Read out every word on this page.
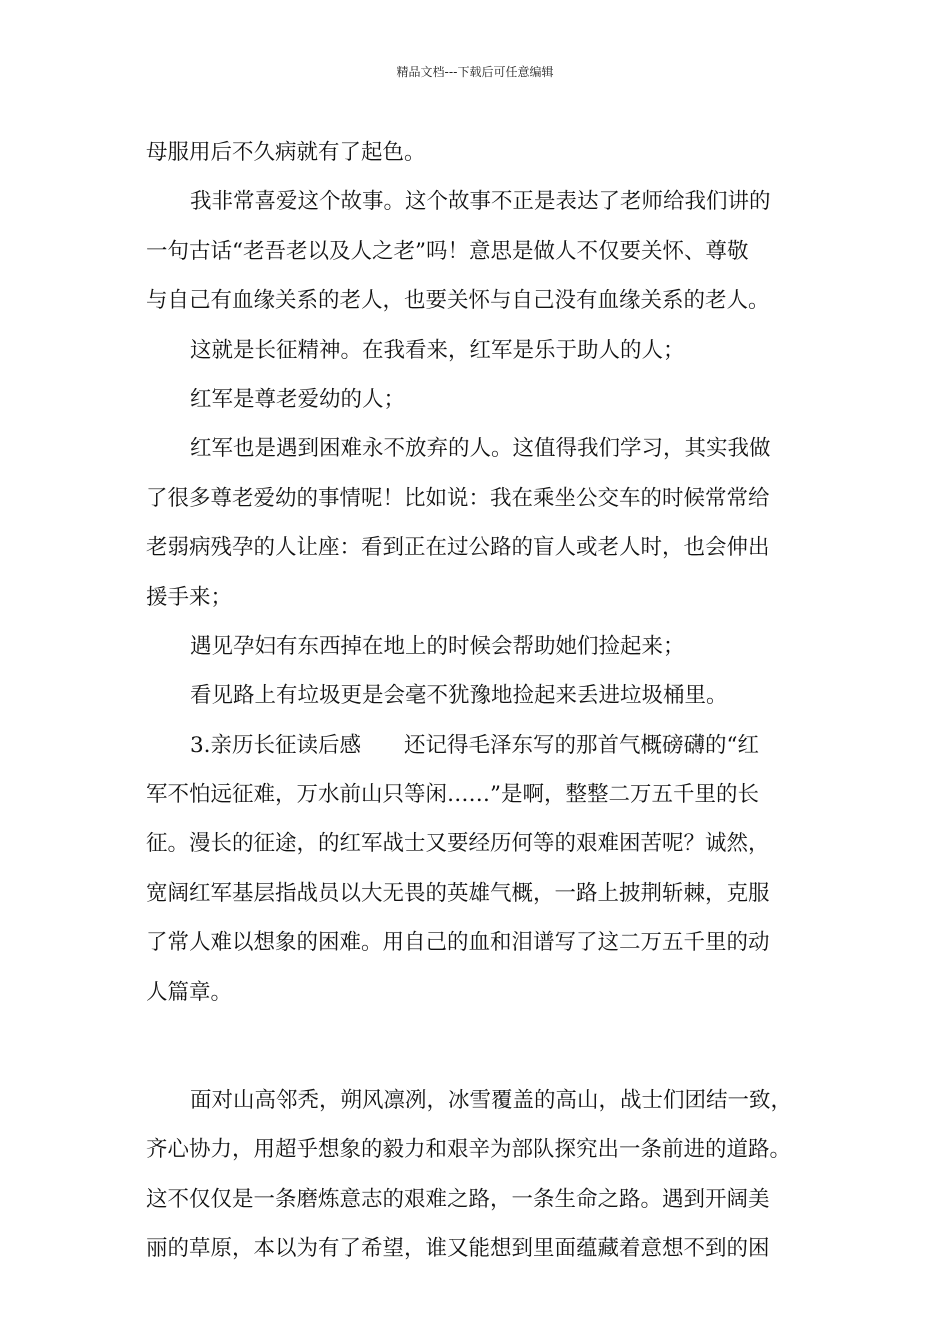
精品文档---下载后可任意编辑
母服用后不久病就有了起色。
我非常喜爱这个故事。这个故事不正是表达了老师给我们讲的
一句古话“老吾老以及人之老”吗！意思是做人不仅要关怀、尊敬
与自己有血缘关系的老人，也要关怀与自己没有血缘关系的老人。
这就是长征精神。在我看来，红军是乐于助人的人；
红军是尊老爱幼的人；
红军也是遇到困难永不放弃的人。这值得我们学习，其实我做
了很多尊老爱幼的事情呢！比如说：我在乘坐公交车的时候常常给
老弱病残孕的人让座：看到正在过公路的盲人或老人时，也会伸出
援手来；
遇见孕妇有东西掉在地上的时候会帮助她们捡起来；
看见路上有垃圾更是会毫不犹豫地捡起来丢进垃圾桶里。
3.亲历长征读后感　　还记得毛泽东写的那首气概磅礴的“红
军不怕远征难，万水前山只等闲……”是啊，整整二万五千里的长
征。漫长的征途，的红军战士又要经历何等的艰难困苦呢？诚然，
宽阔红军基层指战员以大无畏的英雄气概，一路上披荆斩棘，克服
了常人难以想象的困难。用自己的血和泪谱写了这二万五千里的动
人篇章。
面对山高邻秃，朔风凛冽，冰雪覆盖的高山，战士们团结一致，
齐心协力，用超乎想象的毅力和艰辛为部队探究出一条前进的道路。
这不仅仅是一条磨炼意志的艰难之路，一条生命之路。遇到开阔美
丽的草原，本以为有了希望，谁又能想到里面蕴藏着意想不到的困
